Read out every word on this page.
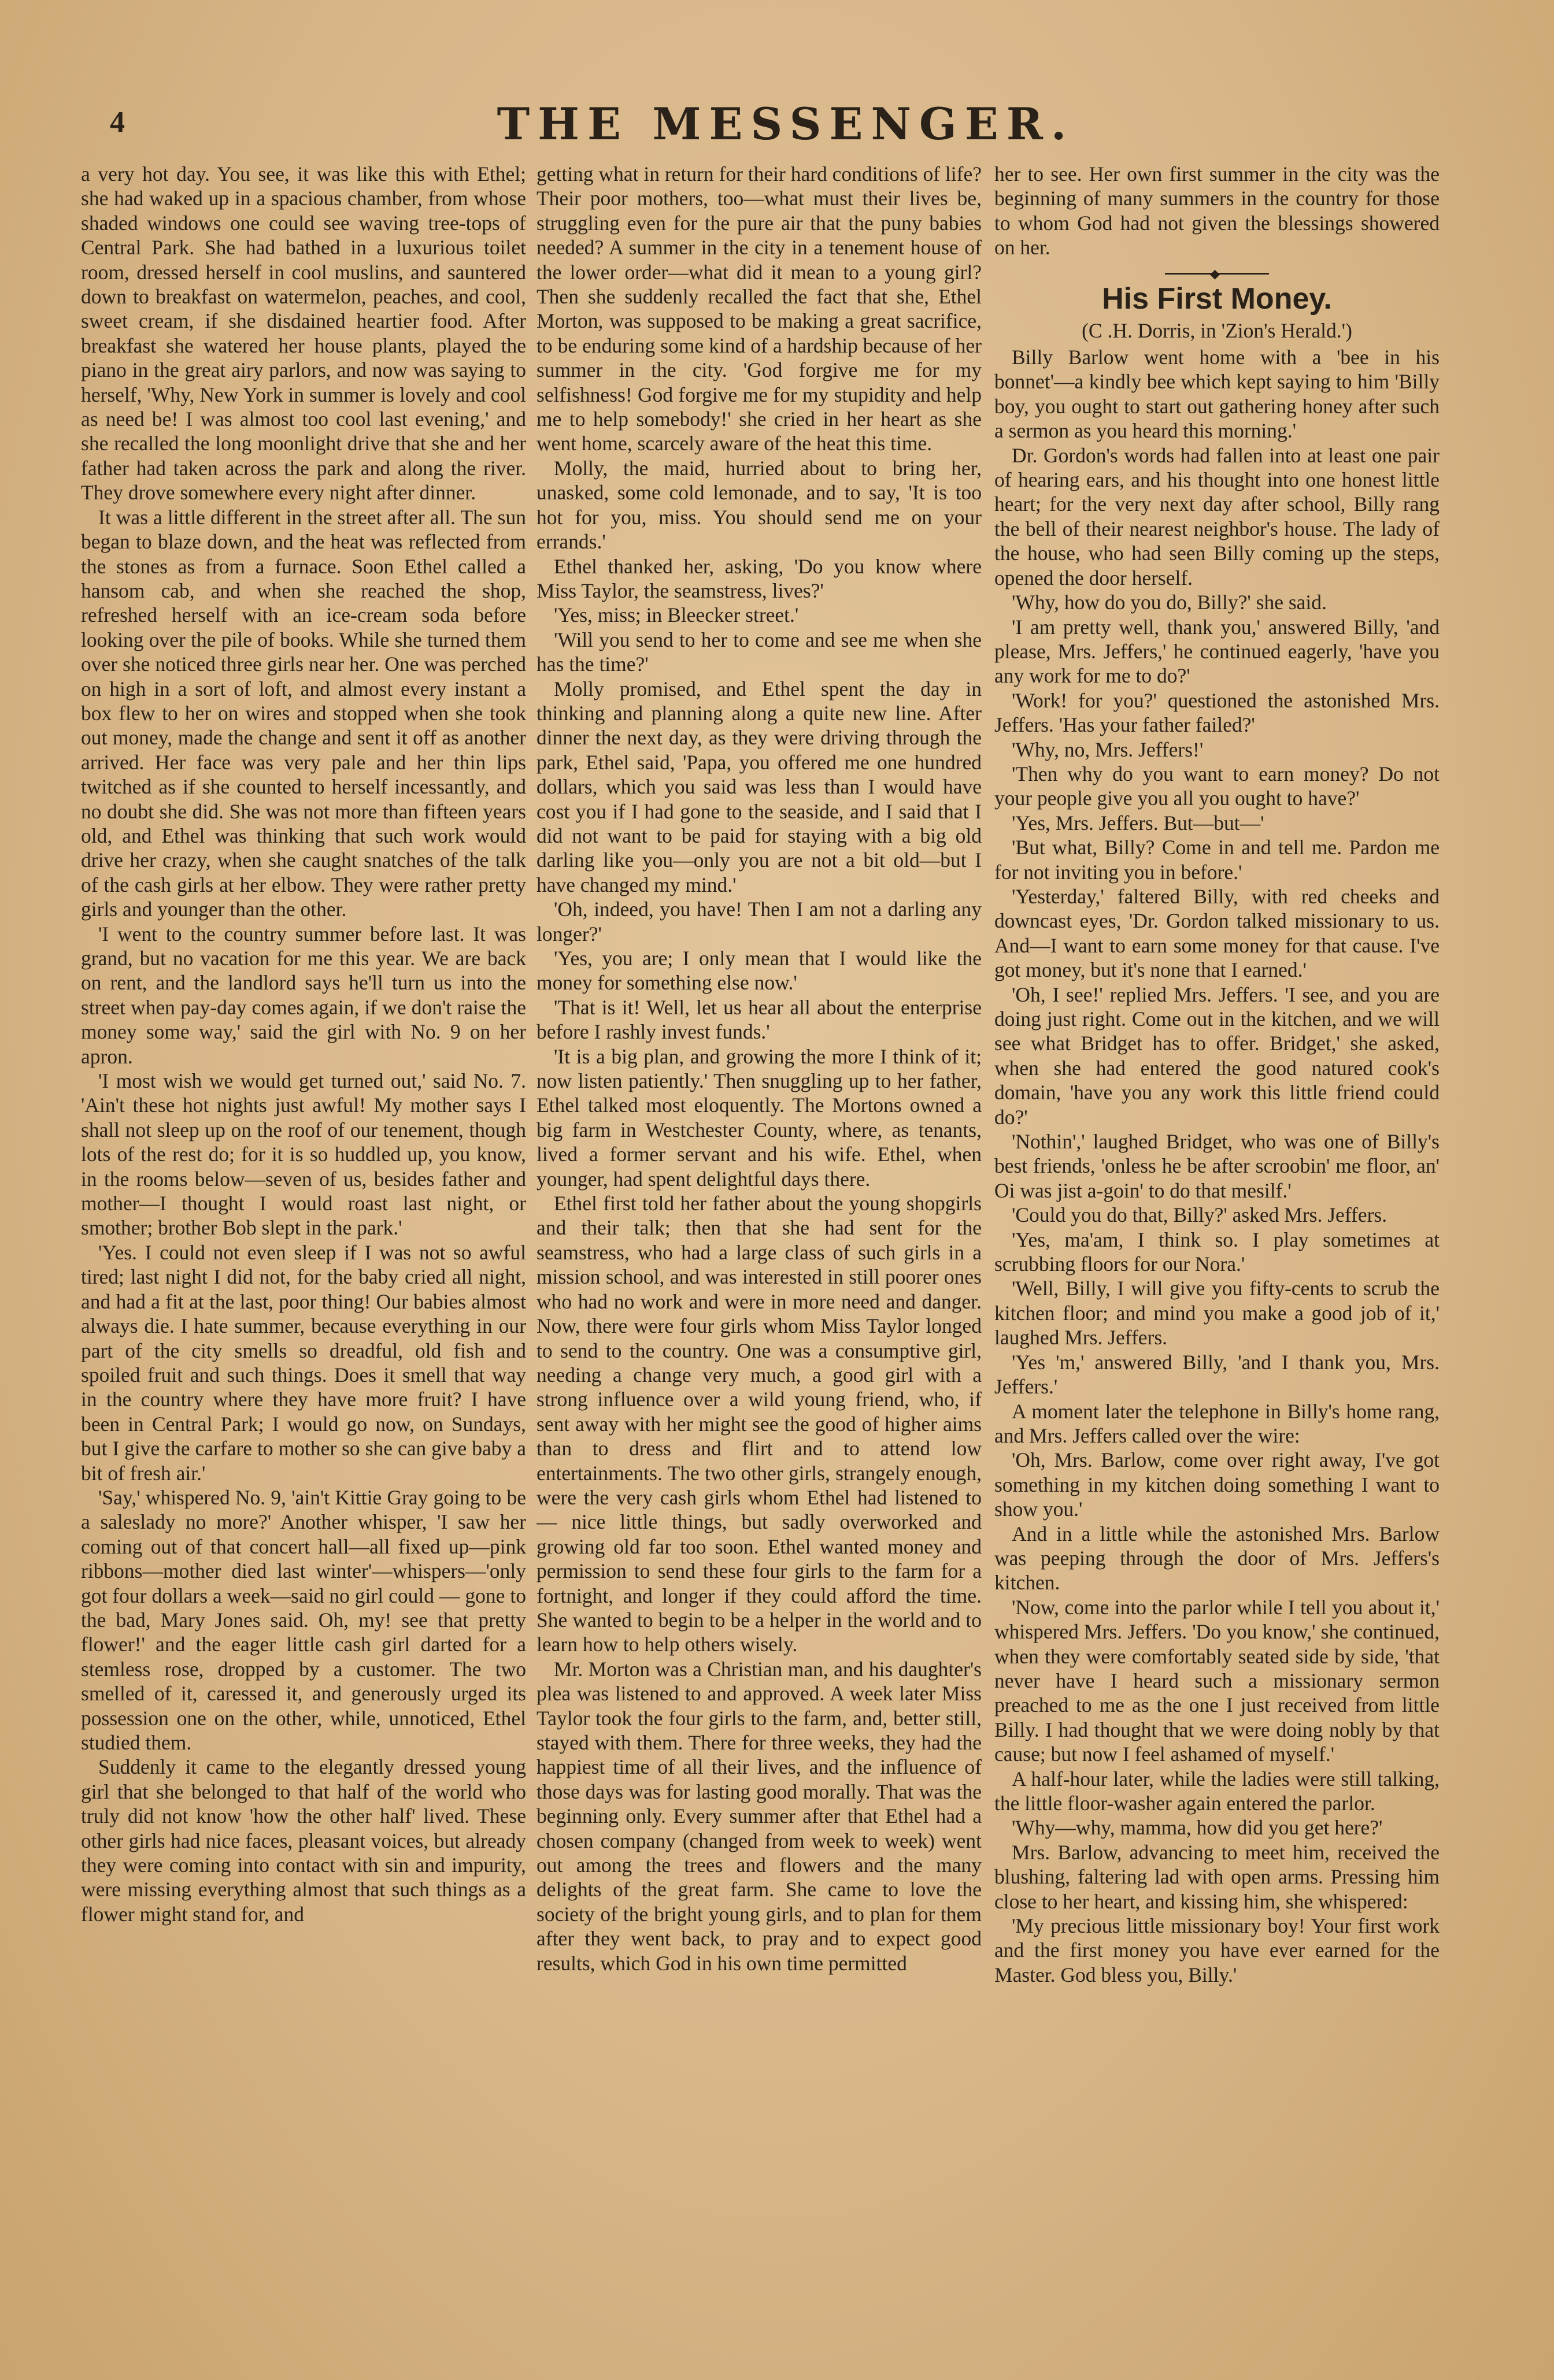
4	THE MESSENGER.

a very hot day. You see, it was like this with Ethel; she had waked up in a spacious chamber, from whose shaded windows one could see waving tree-tops of Central Park. She had bathed in a luxurious toilet room, dressed herself in cool muslins, and sauntered down to breakfast on watermelon, peaches, and cool, sweet cream, if she disdained heartier food. After breakfast she watered her house plants, played the piano in the great airy parlors, and now was saying to herself, 'Why, New York in summer is lovely and cool as need be! I was almost too cool last evening,' and she recalled the long moonlight drive that she and her father had taken across the park and along the river. They drove somewhere every night after dinner.

It was a little different in the street after all. The sun began to blaze down, and the heat was reflected from the stones as from a furnace. Soon Ethel called a hansom cab, and when she reached the shop, refreshed herself with an ice-cream soda before looking over the pile of books. While she turned them over she noticed three girls near her. One was perched on high in a sort of loft, and almost every instant a box flew to her on wires and stopped when she took out money, made the change and sent it off as another arrived. Her face was very pale and her thin lips twitched as if she counted to herself incessantly, and no doubt she did. She was not more than fifteen years old, and Ethel was thinking that such work would drive her crazy, when she caught snatches of the talk of the cash girls at her elbow. They were rather pretty girls and younger than the other.

'I went to the country summer before last. It was grand, but no vacation for me this year. We are back on rent, and the landlord says he'll turn us into the street when pay-day comes again, if we don't raise the money some way,' said the girl with No. 9 on her apron.

'I most wish we would get turned out,' said No. 7. 'Ain't these hot nights just awful! My mother says I shall not sleep up on the roof of our tenement, though lots of the rest do; for it is so huddled up, you know, in the rooms below—seven of us, besides father and mother—I thought I would roast last night, or smother; brother Bob slept in the park.'

'Yes. I could not even sleep if I was not so awful tired; last night I did not, for the baby cried all night, and had a fit at the last, poor thing! Our babies almost always die. I hate summer, because everything in our part of the city smells so dreadful, old fish and spoiled fruit and such things. Does it smell that way in the country where they have more fruit? I have been in Central Park; I would go now, on Sundays, but I give the carfare to mother so she can give baby a bit of fresh air.'

'Say,' whispered No. 9, 'ain't Kittie Gray going to be a saleslady no more?' Another whisper, 'I saw her coming out of that concert hall—all fixed up—pink ribbons—mother died last winter'—whispers—'only got four dollars a week—said no girl could — gone to the bad, Mary Jones said. Oh, my! see that pretty flower!' and the eager little cash girl darted for a stemless rose, dropped by a customer. The two smelled of it, caressed it, and generously urged its possession one on the other, while, unnoticed, Ethel studied them.

Suddenly it came to the elegantly dressed young girl that she belonged to that half of the world who truly did not know 'how the other half' lived. These other girls had nice faces, pleasant voices, but already they were coming into contact with sin and impurity, were missing everything almost that such things as a flower might stand for, and

getting what in return for their hard conditions of life? Their poor mothers, too—what must their lives be, struggling even for the pure air that the puny babies needed? A summer in the city in a tenement house of the lower order—what did it mean to a young girl? Then she suddenly recalled the fact that she, Ethel Morton, was supposed to be making a great sacrifice, to be enduring some kind of a hardship because of her summer in the city. 'God forgive me for my selfishness! God forgive me for my stupidity and help me to help somebody!' she cried in her heart as she went home, scarcely aware of the heat this time.

Molly, the maid, hurried about to bring her, unasked, some cold lemonade, and to say, 'It is too hot for you, miss. You should send me on your errands.'

Ethel thanked her, asking, 'Do you know where Miss Taylor, the seamstress, lives?'

'Yes, miss; in Bleecker street.'

'Will you send to her to come and see me when she has the time?'

Molly promised, and Ethel spent the day in thinking and planning along a quite new line. After dinner the next day, as they were driving through the park, Ethel said, 'Papa, you offered me one hundred dollars, which you said was less than I would have cost you if I had gone to the seaside, and I said that I did not want to be paid for staying with a big old darling like you—only you are not a bit old—but I have changed my mind.'

'Oh, indeed, you have! Then I am not a darling any longer?'

'Yes, you are; I only mean that I would like the money for something else now.'

'That is it! Well, let us hear all about the enterprise before I rashly invest funds.'

'It is a big plan, and growing the more I think of it; now listen patiently.' Then snuggling up to her father, Ethel talked most eloquently. The Mortons owned a big farm in Westchester County, where, as tenants, lived a former servant and his wife. Ethel, when younger, had spent delightful days there.

Ethel first told her father about the young shopgirls and their talk; then that she had sent for the seamstress, who had a large class of such girls in a mission school, and was interested in still poorer ones who had no work and were in more need and danger. Now, there were four girls whom Miss Taylor longed to send to the country. One was a consumptive girl, needing a change very much, a good girl with a strong influence over a wild young friend, who, if sent away with her might see the good of higher aims than to dress and flirt and to attend low entertainments. The two other girls, strangely enough, were the very cash girls whom Ethel had listened to — nice little things, but sadly overworked and growing old far too soon. Ethel wanted money and permission to send these four girls to the farm for a fortnight, and longer if they could afford the time. She wanted to begin to be a helper in the world and to learn how to help others wisely.

Mr. Morton was a Christian man, and his daughter's plea was listened to and approved. A week later Miss Taylor took the four girls to the farm, and, better still, stayed with them. There for three weeks, they had the happiest time of all their lives, and the influence of those days was for lasting good morally. That was the beginning only. Every summer after that Ethel had a chosen company (changed from week to week) went out among the trees and flowers and the many delights of the great farm. She came to love the society of the bright young girls, and to plan for them after they went back, to pray and to expect good results, which God in his own time permitted

her to see. Her own first summer in the city was the beginning of many summers in the country for those to whom God had not given the blessings showered on her.

◆
His First Money.
(C .H. Dorris, in 'Zion's Herald.')

Billy Barlow went home with a 'bee in his bonnet'—a kindly bee which kept saying to him 'Billy boy, you ought to start out gathering honey after such a sermon as you heard this morning.'

Dr. Gordon's words had fallen into at least one pair of hearing ears, and his thought into one honest little heart; for the very next day after school, Billy rang the bell of their nearest neighbor's house. The lady of the house, who had seen Billy coming up the steps, opened the door herself.

'Why, how do you do, Billy?' she said.

'I am pretty well, thank you,' answered Billy, 'and please, Mrs. Jeffers,' he continued eagerly, 'have you any work for me to do?'

'Work! for you?' questioned the astonished Mrs. Jeffers. 'Has your father failed?'

'Why, no, Mrs. Jeffers!'

'Then why do you want to earn money? Do not your people give you all you ought to have?'

'Yes, Mrs. Jeffers. But—but—'

'But what, Billy? Come in and tell me. Pardon me for not inviting you in before.'

'Yesterday,' faltered Billy, with red cheeks and downcast eyes, 'Dr. Gordon talked missionary to us. And—I want to earn some money for that cause. I've got money, but it's none that I earned.'

'Oh, I see!' replied Mrs. Jeffers. 'I see, and you are doing just right. Come out in the kitchen, and we will see what Bridget has to offer. Bridget,' she asked, when she had entered the good natured cook's domain, 'have you any work this little friend could do?'

'Nothin',' laughed Bridget, who was one of Billy's best friends, 'onless he be after scroobin' me floor, an' Oi was jist a-goin' to do that mesilf.'

'Could you do that, Billy?' asked Mrs. Jeffers.

'Yes, ma'am, I think so. I play sometimes at scrubbing floors for our Nora.'

'Well, Billy, I will give you fifty-cents to scrub the kitchen floor; and mind you make a good job of it,' laughed Mrs. Jeffers.

'Yes 'm,' answered Billy, 'and I thank you, Mrs. Jeffers.'

A moment later the telephone in Billy's home rang, and Mrs. Jeffers called over the wire:

'Oh, Mrs. Barlow, come over right away, I've got something in my kitchen doing something I want to show you.'

And in a little while the astonished Mrs. Barlow was peeping through the door of Mrs. Jeffers's kitchen.

'Now, come into the parlor while I tell you about it,' whispered Mrs. Jeffers. 'Do you know,' she continued, when they were comfortably seated side by side, 'that never have I heard such a missionary sermon preached to me as the one I just received from little Billy. I had thought that we were doing nobly by that cause; but now I feel ashamed of myself.'

A half-hour later, while the ladies were still talking, the little floor-washer again entered the parlor.

'Why—why, mamma, how did you get here?'

Mrs. Barlow, advancing to meet him, received the blushing, faltering lad with open arms. Pressing him close to her heart, and kissing him, she whispered:

'My precious little missionary boy! Your first work and the first money you have ever earned for the Master. God bless you, Billy.'
